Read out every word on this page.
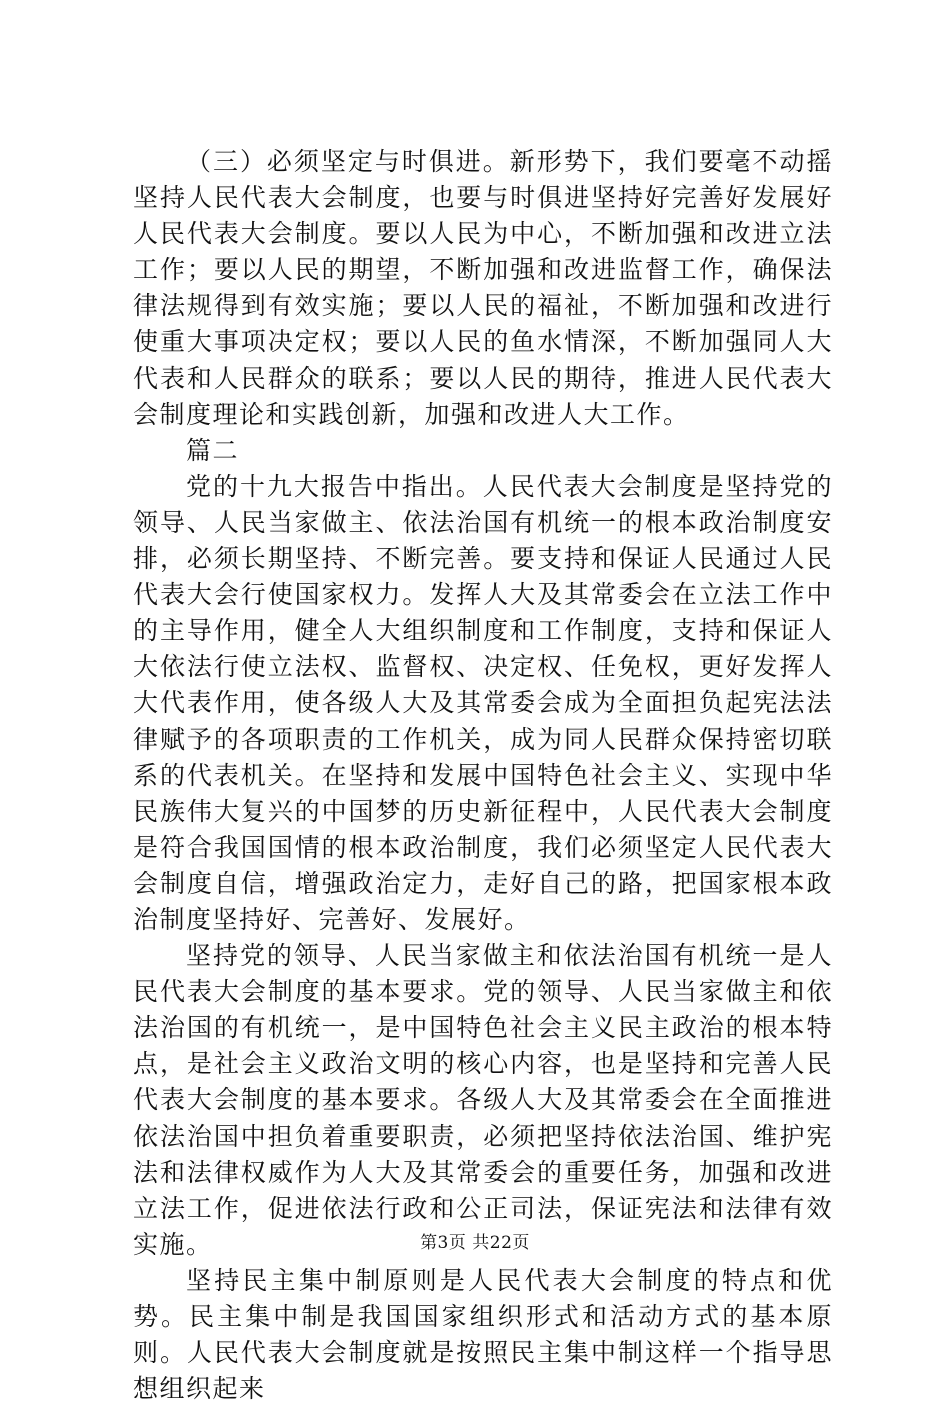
（三）必须坚定与时俱进。新形势下，我们要毫不动摇坚持人民代表大会制度，也要与时俱进坚持好完善好发展好人民代表大会制度。要以人民为中心，不断加强和改进立法工作；要以人民的期望，不断加强和改进监督工作，确保法律法规得到有效实施；要以人民的福祉，不断加强和改进行使重大事项决定权；要以人民的鱼水情深，不断加强同人大代表和人民群众的联系；要以人民的期待，推进人民代表大会制度理论和实践创新，加强和改进人大工作。

篇二

党的十九大报告中指出。人民代表大会制度是坚持党的领导、人民当家做主、依法治国有机统一的根本政治制度安排，必须长期坚持、不断完善。要支持和保证人民通过人民代表大会行使国家权力。发挥人大及其常委会在立法工作中的主导作用，健全人大组织制度和工作制度，支持和保证人大依法行使立法权、监督权、决定权、任免权，更好发挥人大代表作用，使各级人大及其常委会成为全面担负起宪法法律赋予的各项职责的工作机关，成为同人民群众保持密切联系的代表机关。在坚持和发展中国特色社会主义、实现中华民族伟大复兴的中国梦的历史新征程中，人民代表大会制度是符合我国国情的根本政治制度，我们必须坚定人民代表大会制度自信，增强政治定力，走好自己的路，把国家根本政治制度坚持好、完善好、发展好。

坚持党的领导、人民当家做主和依法治国有机统一是人民代表大会制度的基本要求。党的领导、人民当家做主和依法治国的有机统一，是中国特色社会主义民主政治的根本特点，是社会主义政治文明的核心内容，也是坚持和完善人民代表大会制度的基本要求。各级人大及其常委会在全面推进依法治国中担负着重要职责，必须把坚持依法治国、维护宪法和法律权威作为人大及其常委会的重要任务，加强和改进立法工作，促进依法行政和公正司法，保证宪法和法律有效实施。

坚持民主集中制原则是人民代表大会制度的特点和优势。民主集中制是我国国家组织形式和活动方式的基本原则。人民代表大会制度就是按照民主集中制这样一个指导思想组织起来

第3页 共22页
